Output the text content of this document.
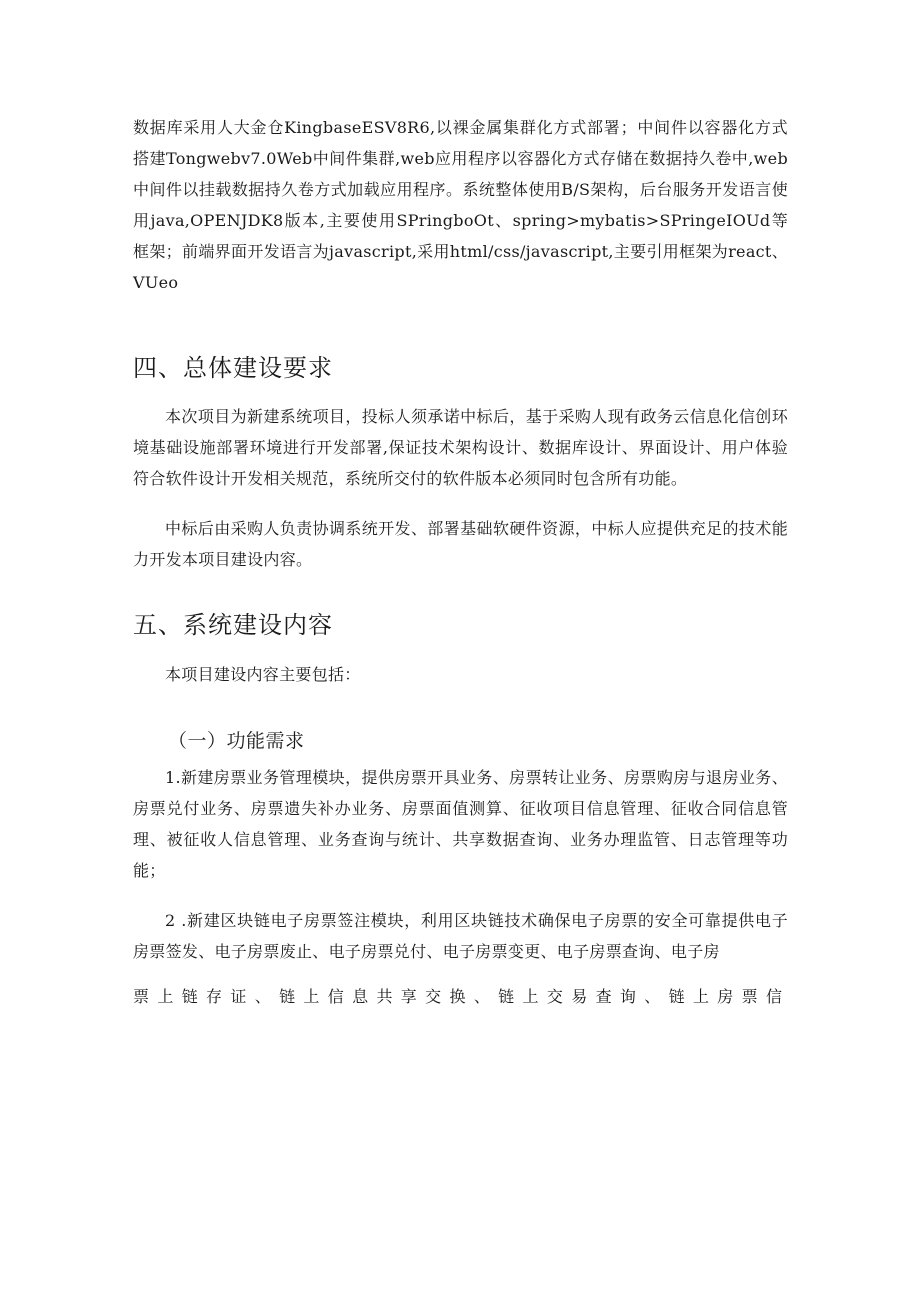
数据库采用人大金仓KingbaseESV8R6,以裸金属集群化方式部署；中间件以容器化方式搭建Tongwebv7.0Web中间件集群,web应用程序以容器化方式存储在数据持久卷中,web中间件以挂载数据持久卷方式加载应用程序。系统整体使用B/S架构，后台服务开发语言使用java,OPENJDK8版本,主要使用SPringboOt、spring>mybatis>SPringeIOUd等框架；前端界面开发语言为javascript,采用html/css/javascript,主要引用框架为react、VUeo

四、总体建设要求

本次项目为新建系统项目，投标人须承诺中标后，基于采购人现有政务云信息化信创环境基础设施部署环境进行开发部署,保证技术架构设计、数据库设计、界面设计、用户体验符合软件设计开发相关规范，系统所交付的软件版本必须同时包含所有功能。

中标后由采购人负责协调系统开发、部署基础软硬件资源，中标人应提供充足的技术能力开发本项目建设内容。

五、系统建设内容

本项目建设内容主要包括：

（一）功能需求

1.新建房票业务管理模块，提供房票开具业务、房票转让业务、房票购房与退房业务、房票兑付业务、房票遗失补办业务、房票面值测算、征收项目信息管理、征收合同信息管理、被征收人信息管理、业务查询与统计、共享数据查询、业务办理监管、日志管理等功能；

2 .新建区块链电子房票签注模块，利用区块链技术确保电子房票的安全可靠提供电子房票签发、电子房票废止、电子房票兑付、电子房票变更、电子房票查询、电子房

票上链存证、链上信息共享交换、链上交易查询、链上房票信
